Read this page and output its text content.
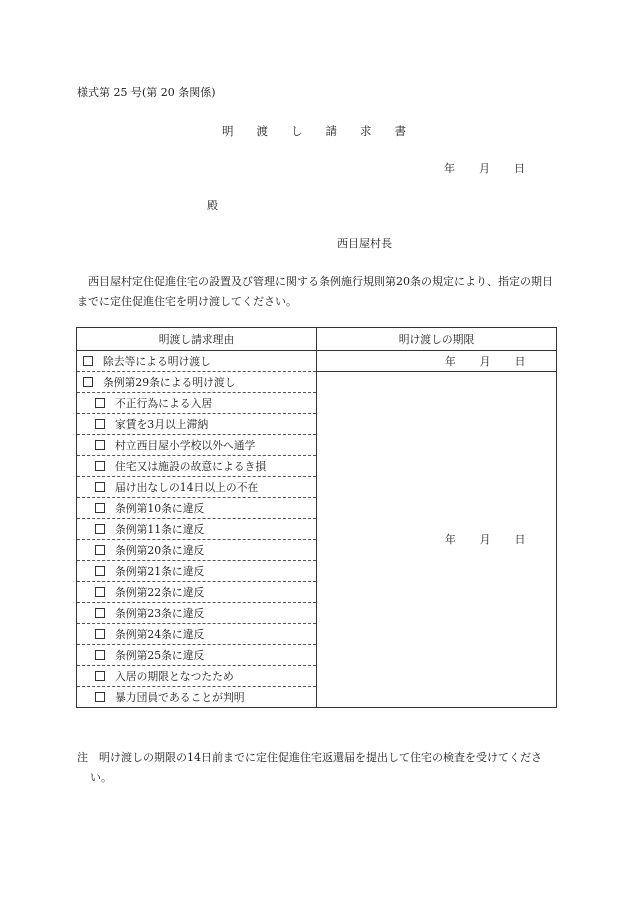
様式第 25 号(第 20 条関係)
明渡し請求書
年 月 日
殿
西目屋村長
西目屋村定住促進住宅の設置及び管理に関する条例施行規則第20条の規定により、指定の期日までに定住促進住宅を明け渡してください。
明渡し請求理由	明け渡しの期限
除去等による明け渡し	年 月 日
条例第29条による明け渡し	年 月 日
不正行為による入居	
家賃を3月以上滞納	
村立西目屋小学校以外へ通学	
住宅又は施設の故意によるき損	
届け出なしの14日以上の不在	
条例第10条に違反	
条例第11条に違反	
条例第20条に違反	
条例第21条に違反	
条例第22条に違反	
条例第23条に違反	
条例第24条に違反	
条例第25条に違反	
入居の期限となつたため	
暴力団員であることが判明	
注　明け渡しの期限の14日前までに定住促進住宅返還届を提出して住宅の検査を受けてください。
